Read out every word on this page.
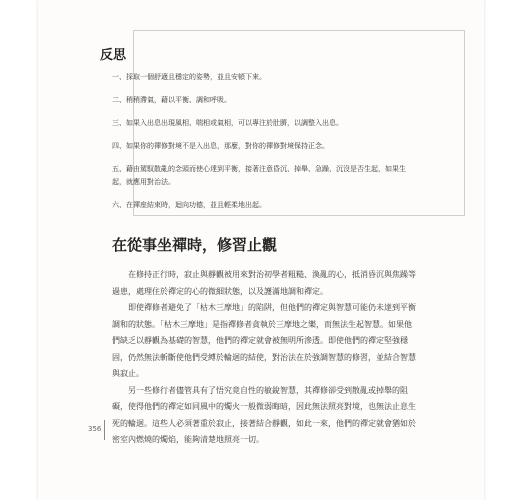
反思
一、採取一個舒適且穩定的姿勢，並且安頓下來。
二、稍稍滯氣，藉以平衡、調和呼吸。
三、如果入出息出現風相、喘相或氣相，可以專注於肚臍，以調整入出息。
四、如果你的禪修對境不是入出息，那麼，對你的禪修對境保持正念。
五、藉由駕馭散亂的念頭而使心達到平衡，接著注意昏沉、掉舉、急躁、沉沒是否生起，如果生起，就應用對治法。
六、在禪座結束時，迴向功德，並且輕柔地出起。
在從事坐禪時，修習止觀

在修持正行時，寂止與靜觀被用來對治初學者粗糙、渙亂的心，抵消昏沉與焦躁等過患，處理住於禪定的心的微細狀態，以及護滿地調和禪定。

即使禪修者避免了「枯木三摩地」的陷阱，但他們的禪定與智慧可能仍未達到平衡調和的狀態。「枯木三摩地」是指禪修者貪執於三摩地之樂，而無法生起智慧。如果他們缺乏以靜觀為基礎的智慧，他們的禪定就會被無明所滲透。即使他們的禪定堅強穩固，仍然無法斬斷使他們受縛於輪迴的結使，對治法在於強調智慧的修習，並結合智慧與寂止。

另一些修行者儘管具有了悟究竟自性的敏銳智慧，其禪修卻受到散亂或掉舉的阻礙，使得他們的禪定如同風中的燭火一般微弱晦暗，因此無法照亮對境，也無法止息生死的輪迴。這些人必須著重於寂止，接著結合靜觀，如此一來，他們的禪定就會猶如於密室內燃燒的燭焰，能夠清楚地照亮一切。

356
